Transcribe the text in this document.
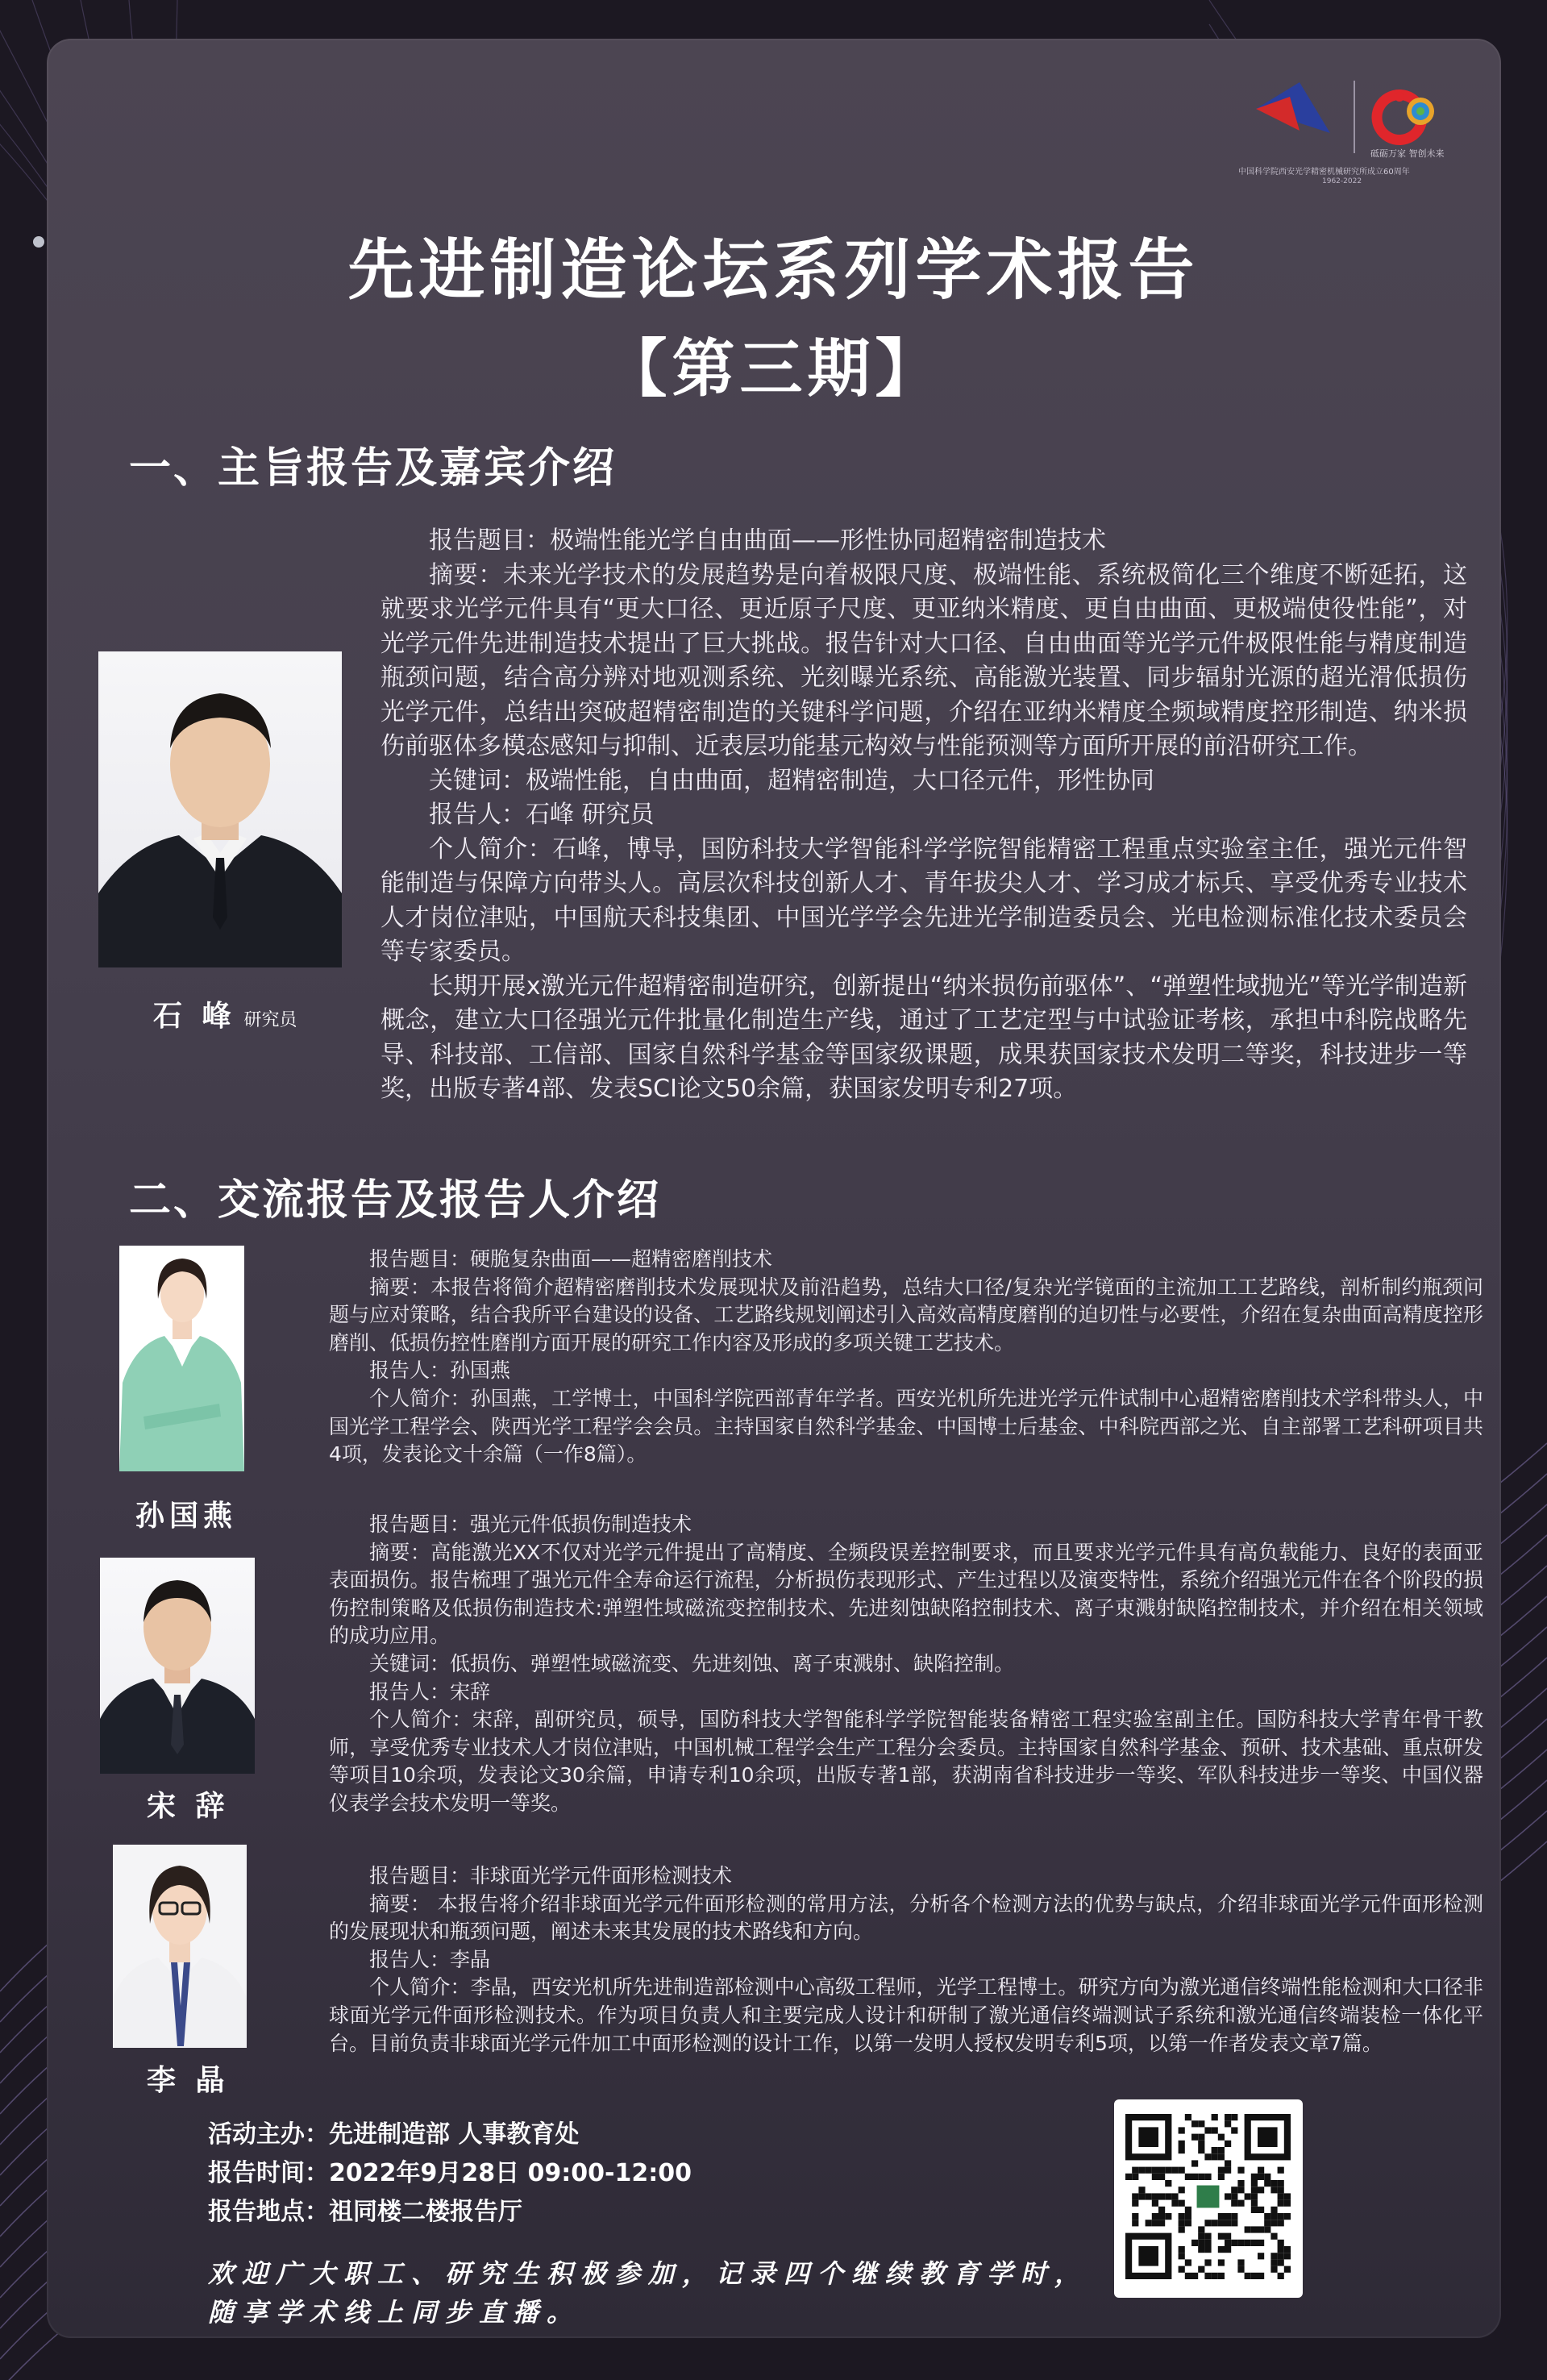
砥砺万家 智创未来
中国科学院西安光学精密机械研究所成立60周年
1962-2022
先进制造论坛系列学术报告
【第三期】
一、主旨报告及嘉宾介绍
石 峰 研究员

报告题目：极端性能光学自由曲面——形性协同超精密制造技术

摘要：未来光学技术的发展趋势是向着极限尺度、极端性能、系统极简化三个维度不断延拓，这就要求光学元件具有“更大口径、更近原子尺度、更亚纳米精度、更自由曲面、更极端使役性能”，对光学元件先进制造技术提出了巨大挑战。报告针对大口径、自由曲面等光学元件极限性能与精度制造瓶颈问题，结合高分辨对地观测系统、光刻曝光系统、高能激光装置、同步辐射光源的超光滑低损伤光学元件，总结出突破超精密制造的关键科学问题，介绍在亚纳米精度全频域精度控形制造、纳米损伤前驱体多模态感知与抑制、近表层功能基元构效与性能预测等方面所开展的前沿研究工作。

关键词：极端性能，自由曲面，超精密制造，大口径元件，形性协同

报告人：石峰 研究员

个人简介：石峰，博导，国防科技大学智能科学学院智能精密工程重点实验室主任，强光元件智能制造与保障方向带头人。高层次科技创新人才、青年拔尖人才、学习成才标兵、享受优秀专业技术人才岗位津贴，中国航天科技集团、中国光学学会先进光学制造委员会、光电检测标准化技术委员会等专家委员。

长期开展x激光元件超精密制造研究，创新提出“纳米损伤前驱体”、“弹塑性域抛光”等光学制造新概念，建立大口径强光元件批量化制造生产线，通过了工艺定型与中试验证考核，承担中科院战略先导、科技部、工信部、国家自然科学基金等国家级课题，成果获国家技术发明二等奖，科技进步一等奖，出版专著4部、发表SCI论文50余篇，获国家发明专利27项。

二、交流报告及报告人介绍
孙国燕

报告题目：硬脆复杂曲面——超精密磨削技术

摘要：本报告将简介超精密磨削技术发展现状及前沿趋势，总结大口径/复杂光学镜面的主流加工工艺路线，剖析制约瓶颈问题与应对策略，结合我所平台建设的设备、工艺路线规划阐述引入高效高精度磨削的迫切性与必要性，介绍在复杂曲面高精度控形磨削、低损伤控性磨削方面开展的研究工作内容及形成的多项关键工艺技术。

报告人：孙国燕

个人简介：孙国燕，工学博士，中国科学院西部青年学者。西安光机所先进光学元件试制中心超精密磨削技术学科带头人，中国光学工程学会、陕西光学工程学会会员。主持国家自然科学基金、中国博士后基金、中科院西部之光、自主部署工艺科研项目共4项，发表论文十余篇（一作8篇）。

宋 辞

报告题目：强光元件低损伤制造技术

摘要：高能激光XX不仅对光学元件提出了高精度、全频段误差控制要求，而且要求光学元件具有高负载能力、良好的表面亚表面损伤。报告梳理了强光元件全寿命运行流程，分析损伤表现形式、产生过程以及演变特性，系统介绍强光元件在各个阶段的损伤控制策略及低损伤制造技术:弹塑性域磁流变控制技术、先进刻蚀缺陷控制技术、离子束溅射缺陷控制技术，并介绍在相关领域的成功应用。

关键词：低损伤、弹塑性域磁流变、先进刻蚀、离子束溅射、缺陷控制。

报告人：宋辞

个人简介：宋辞，副研究员，硕导，国防科技大学智能科学学院智能装备精密工程实验室副主任。国防科技大学青年骨干教师，享受优秀专业技术人才岗位津贴，中国机械工程学会生产工程分会委员。主持国家自然科学基金、预研、技术基础、重点研发等项目10余项，发表论文30余篇，申请专利10余项，出版专著1部，获湖南省科技进步一等奖、军队科技进步一等奖、中国仪器仪表学会技术发明一等奖。

李 晶

报告题目：非球面光学元件面形检测技术

摘要： 本报告将介绍非球面光学元件面形检测的常用方法，分析各个检测方法的优势与缺点，介绍非球面光学元件面形检测的发展现状和瓶颈问题，阐述未来其发展的技术路线和方向。

报告人：李晶

个人简介：李晶，西安光机所先进制造部检测中心高级工程师，光学工程博士。研究方向为激光通信终端性能检测和大口径非球面光学元件面形检测技术。作为项目负责人和主要完成人设计和研制了激光通信终端测试子系统和激光通信终端装检一体化平台。目前负责非球面光学元件加工中面形检测的设计工作，以第一发明人授权发明专利5项，以第一作者发表文章7篇。

活动主办：先进制造部 人事教育处
报告时间：2022年9月28日 09:00-12:00
报告地点：祖同楼二楼报告厅
欢迎广大职工、研究生积极参加，记录四个继续教育学时，
随享学术线上同步直播。
